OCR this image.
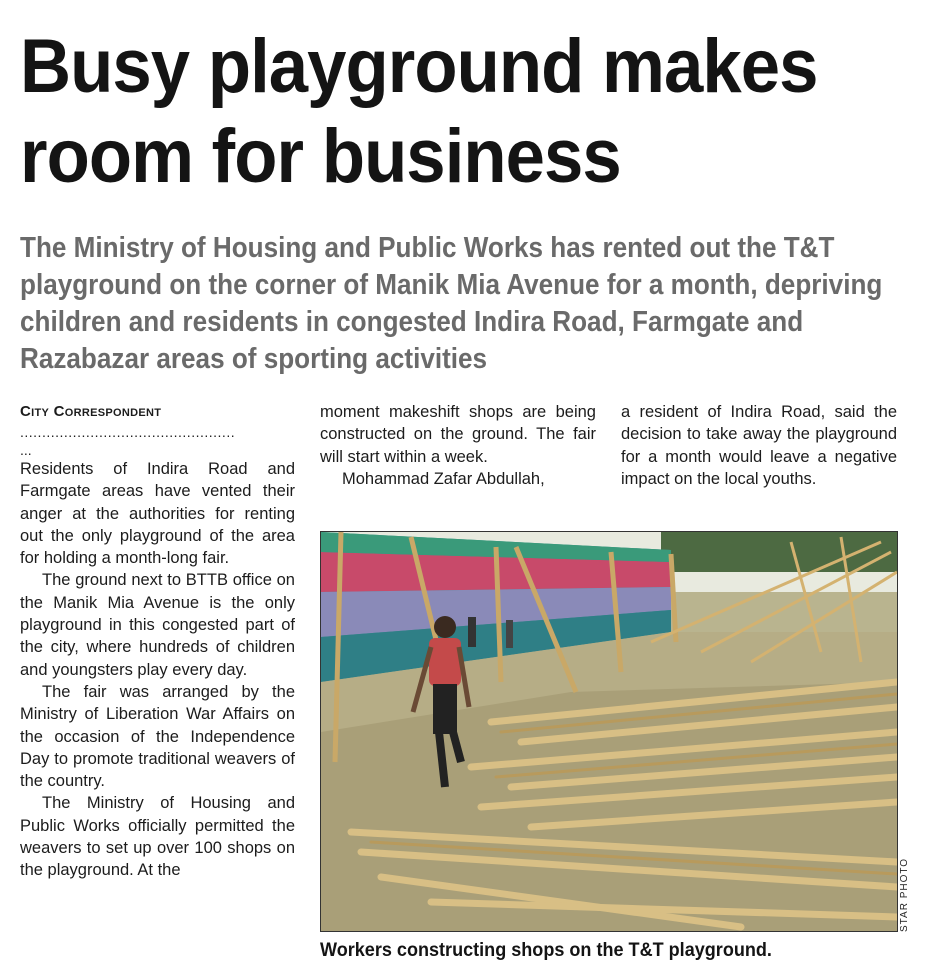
Busy playground makes
room for business

The Ministry of Housing and Public Works has rented out the T&T playground on the corner of Manik Mia Avenue for a month, depriving children and residents in congested Indira Road, Farmgate and Razabazar areas of sporting activities

City Correspondent

.................................................

...

Residents of Indira Road and Farmgate areas have vented their anger at the authorities for renting out the only playground of the area for holding a month-long fair.

The ground next to BTTB office on the Manik Mia Avenue is the only playground in this congested part of the city, where hundreds of children and youngsters play every day.

The fair was arranged by the Ministry of Liberation War Affairs on the occasion of the Independence Day to promote traditional weavers of the country.

The Ministry of Housing and Public Works officially permitted the weavers to set up over 100 shops on the playground. At the

moment makeshift shops are being constructed on the ground. The fair will start within a week.

Mohammad Zafar Abdullah,

a resident of Indira Road, said the decision to take away the playground for a month would leave a negative impact on the local youths.

STAR PHOTO
Workers constructing shops on the T&T playground.
